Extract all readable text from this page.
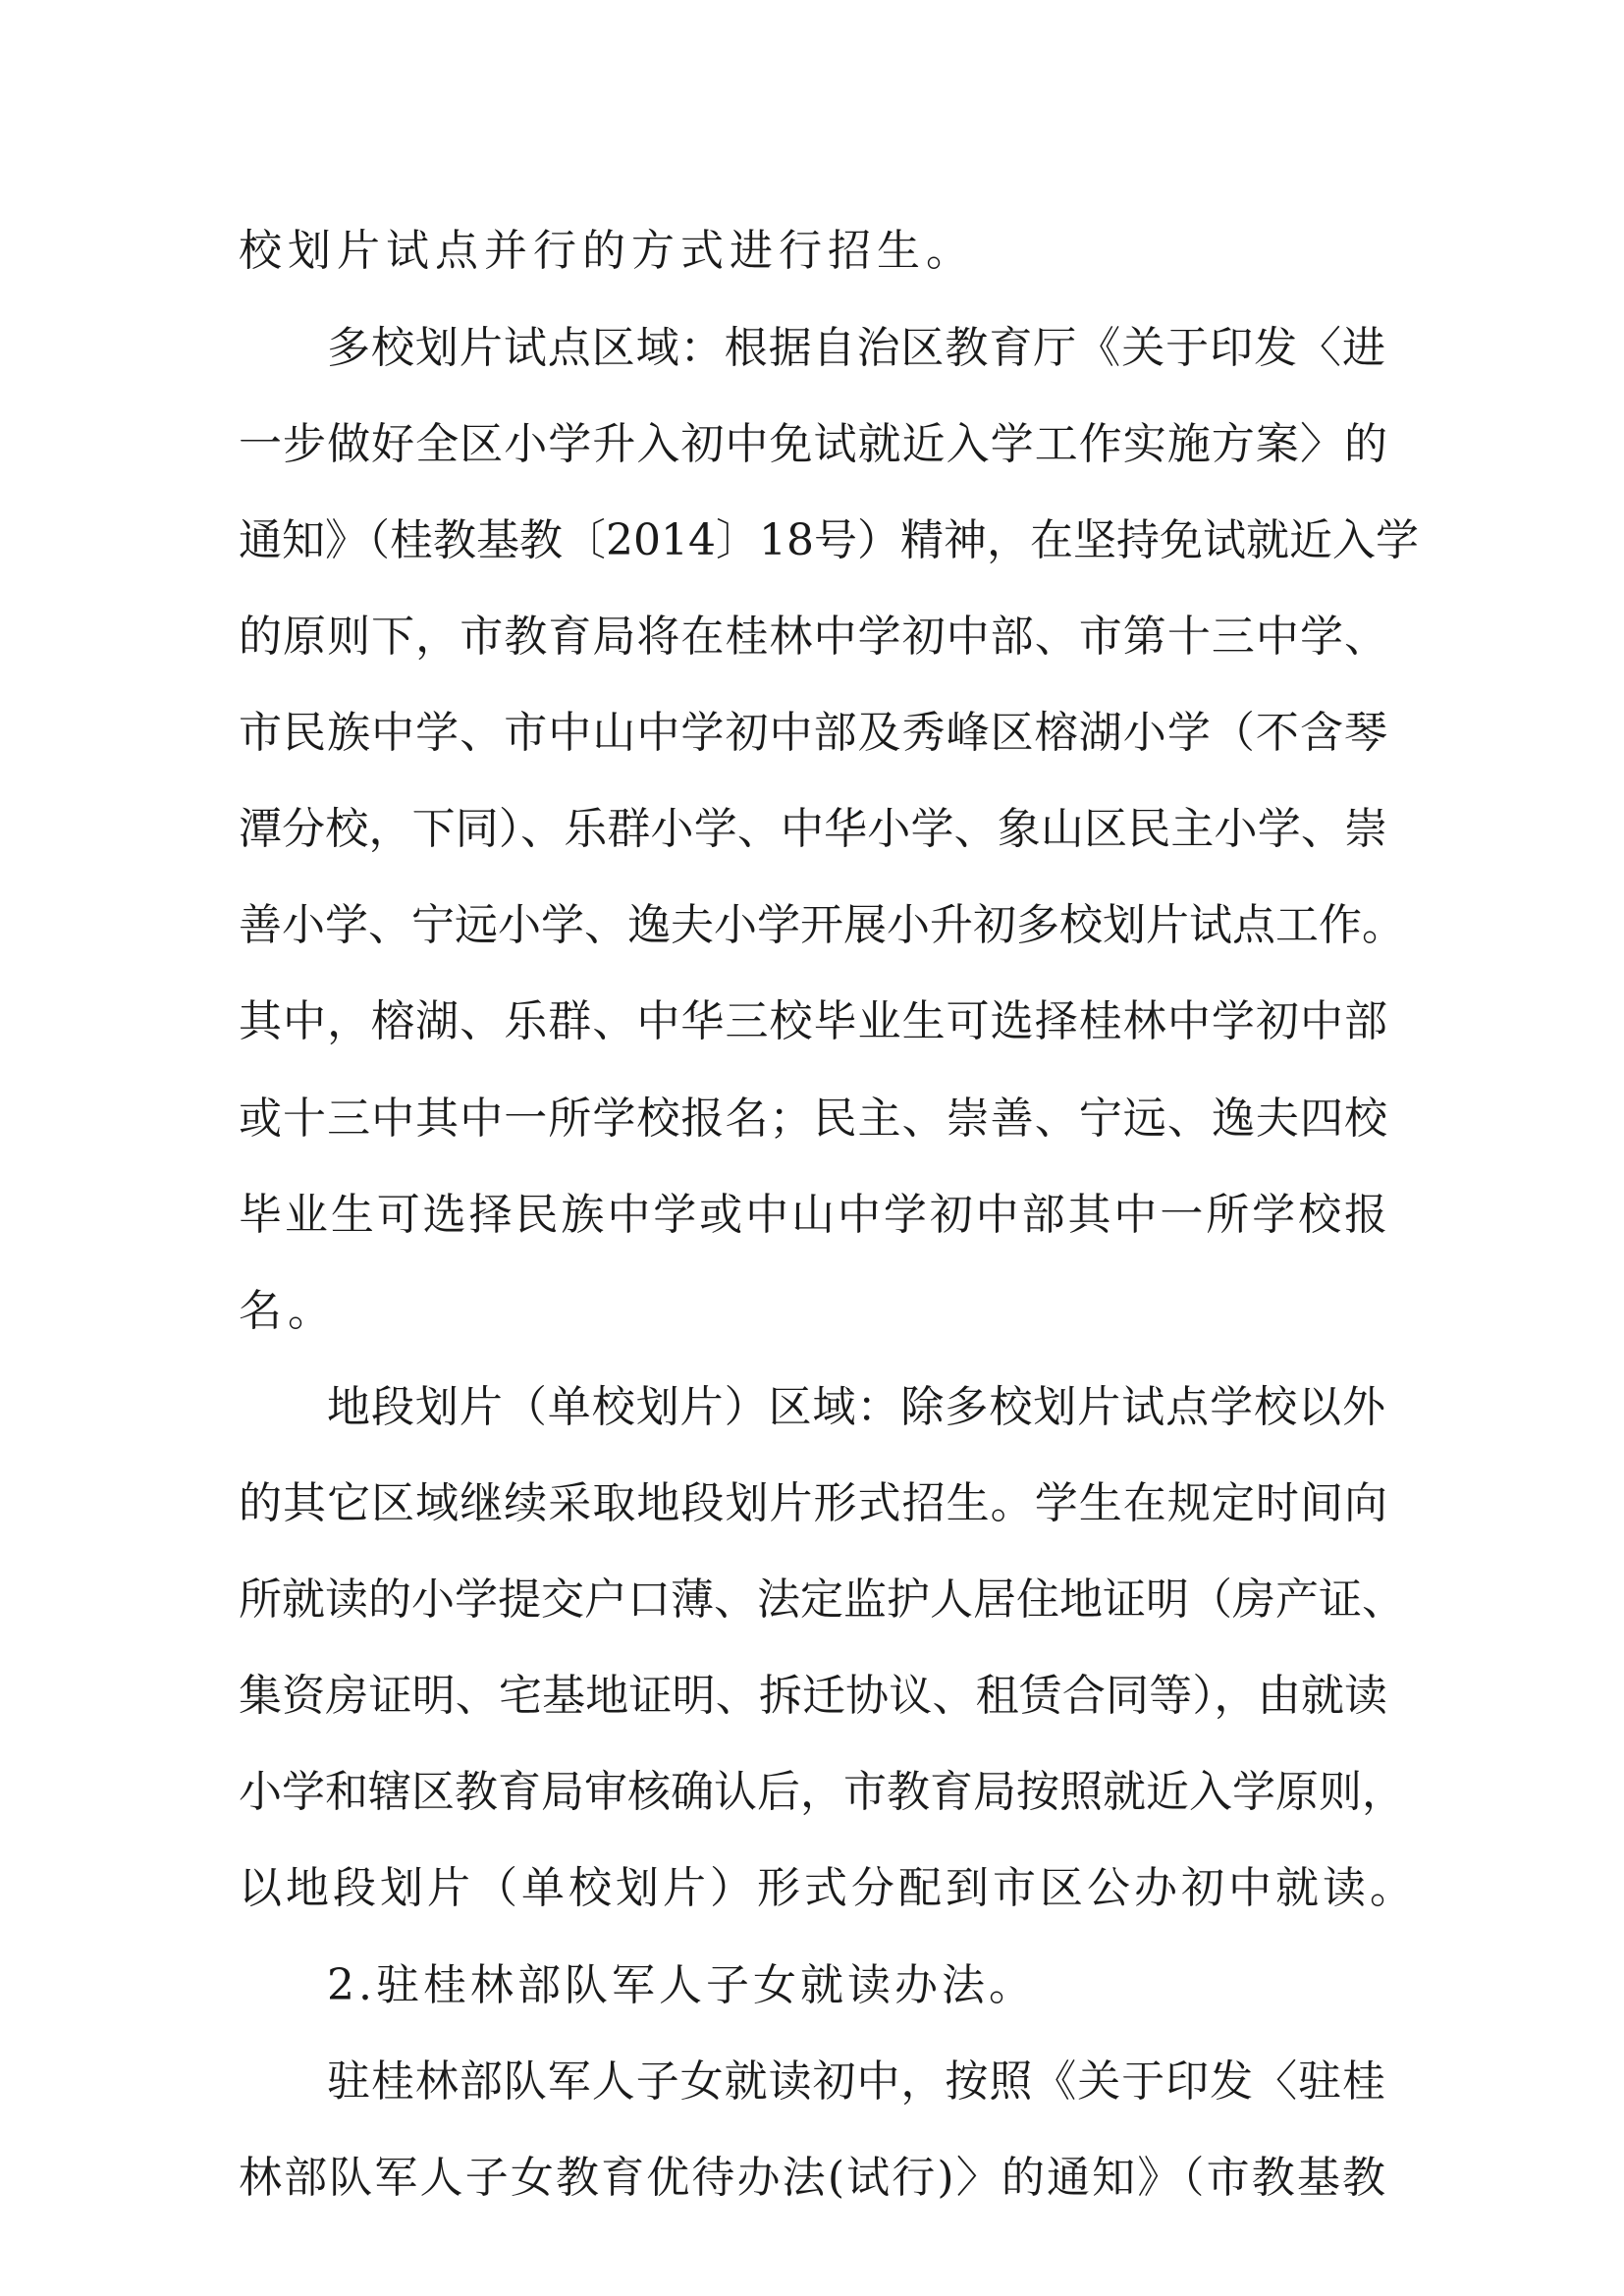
校划片试点并行的方式进行招生。
多校划片试点区域：根据自治区教育厅《关于印发〈进
一步做好全区小学升入初中免试就近入学工作实施方案〉的
通知》（桂教基教〔2014〕18号）精神，在坚持免试就近入学
的原则下，市教育局将在桂林中学初中部、市第十三中学、
市民族中学、市中山中学初中部及秀峰区榕湖小学（不含琴
潭分校，下同）、乐群小学、中华小学、象山区民主小学、崇
善小学、宁远小学、逸夫小学开展小升初多校划片试点工作。
其中，榕湖、乐群、中华三校毕业生可选择桂林中学初中部
或十三中其中一所学校报名；民主、崇善、宁远、逸夫四校
毕业生可选择民族中学或中山中学初中部其中一所学校报
名。
地段划片（单校划片）区域：除多校划片试点学校以外
的其它区域继续采取地段划片形式招生。学生在规定时间向
所就读的小学提交户口薄、法定监护人居住地证明（房产证、
集资房证明、宅基地证明、拆迁协议、租赁合同等），由就读
小学和辖区教育局审核确认后，市教育局按照就近入学原则，
以地段划片（单校划片）形式分配到市区公办初中就读。
2.驻桂林部队军人子女就读办法。
驻桂林部队军人子女就读初中，按照《关于印发〈驻桂
林部队军人子女教育优待办法(试行)〉的通知》（市教基教
